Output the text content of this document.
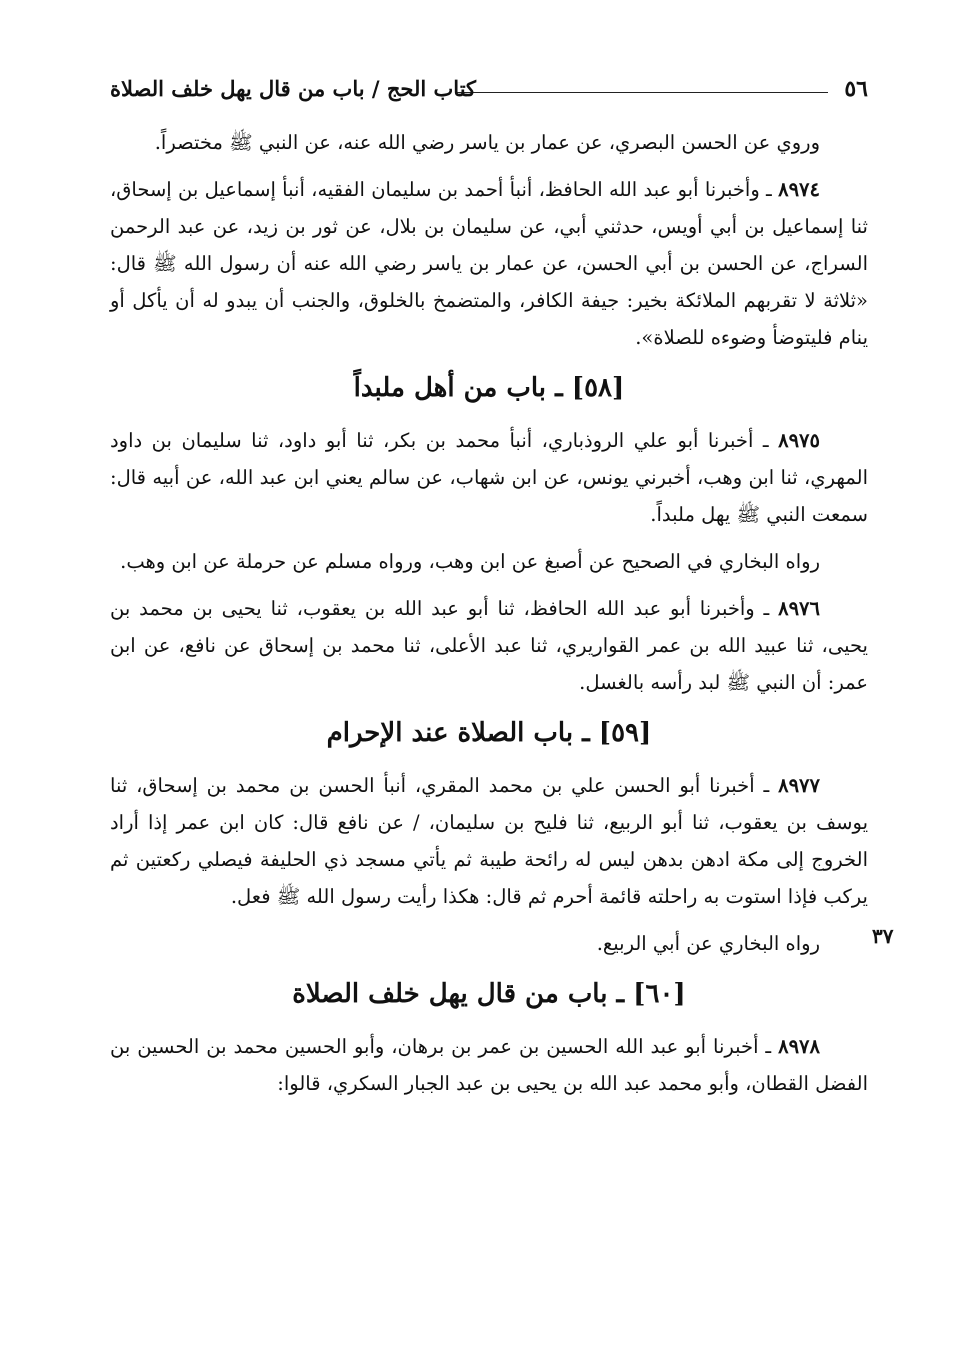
٥٦
كتاب الحج / باب من قال يهل خلف الصلاة
٣٧

وروي عن الحسن البصري، عن عمار بن ياسر رضي الله عنه، عن النبي ﷺ مختصراً.

٨٩٧٤ ـ وأخبرنا أبو عبد الله الحافظ، أنبأ أحمد بن سليمان الفقيه، أنبأ إسماعيل بن إسحاق، ثنا إسماعيل بن أبي أويس، حدثني أبي، عن سليمان بن بلال، عن ثور بن زيد، عن عبد الرحمن السراج، عن الحسن بن أبي الحسن، عن عمار بن ياسر رضي الله عنه أن رسول الله ﷺ قال: «ثلاثة لا تقربهم الملائكة بخير: جيفة الكافر، والمتضمخ بالخلوق، والجنب أن يبدو له أن يأكل أو ينام فليتوضأ وضوءه للصلاة».

[٥٨] ـ باب من أهل ملبداً

٨٩٧٥ ـ أخبرنا أبو علي الروذباري، أنبأ محمد بن بكر، ثنا أبو داود، ثنا سليمان بن داود المهري، ثنا ابن وهب، أخبرني يونس، عن ابن شهاب، عن سالم يعني ابن عبد الله، عن أبيه قال: سمعت النبي ﷺ يهل ملبداً.

رواه البخاري في الصحيح عن أصبغ عن ابن وهب، ورواه مسلم عن حرملة عن ابن وهب.

٨٩٧٦ ـ وأخبرنا أبو عبد الله الحافظ، ثنا أبو عبد الله بن يعقوب، ثنا يحيى بن محمد بن يحيى، ثنا عبيد الله بن عمر القواريري، ثنا عبد الأعلى، ثنا محمد بن إسحاق عن نافع، عن ابن عمر: أن النبي ﷺ لبد رأسه بالغسل.

[٥٩] ـ باب الصلاة عند الإحرام

٨٩٧٧ ـ أخبرنا أبو الحسن علي بن محمد المقري، أنبأ الحسن بن محمد بن إسحاق، ثنا يوسف بن يعقوب، ثنا أبو الربيع، ثنا فليح بن سليمان، / عن نافع قال: كان ابن عمر إذا أراد الخروج إلى مكة ادهن بدهن ليس له رائحة طيبة ثم يأتي مسجد ذي الحليفة فيصلي ركعتين ثم يركب فإذا استوت به راحلته قائمة أحرم ثم قال: هكذا رأيت رسول الله ﷺ فعل.

رواه البخاري عن أبي الربيع.

[٦٠] ـ باب من قال يهل خلف الصلاة

٨٩٧٨ ـ أخبرنا أبو عبد الله الحسين بن عمر بن برهان، وأبو الحسين محمد بن الحسين بن الفضل القطان، وأبو محمد عبد الله بن يحيى بن عبد الجبار السكري، قالوا:
